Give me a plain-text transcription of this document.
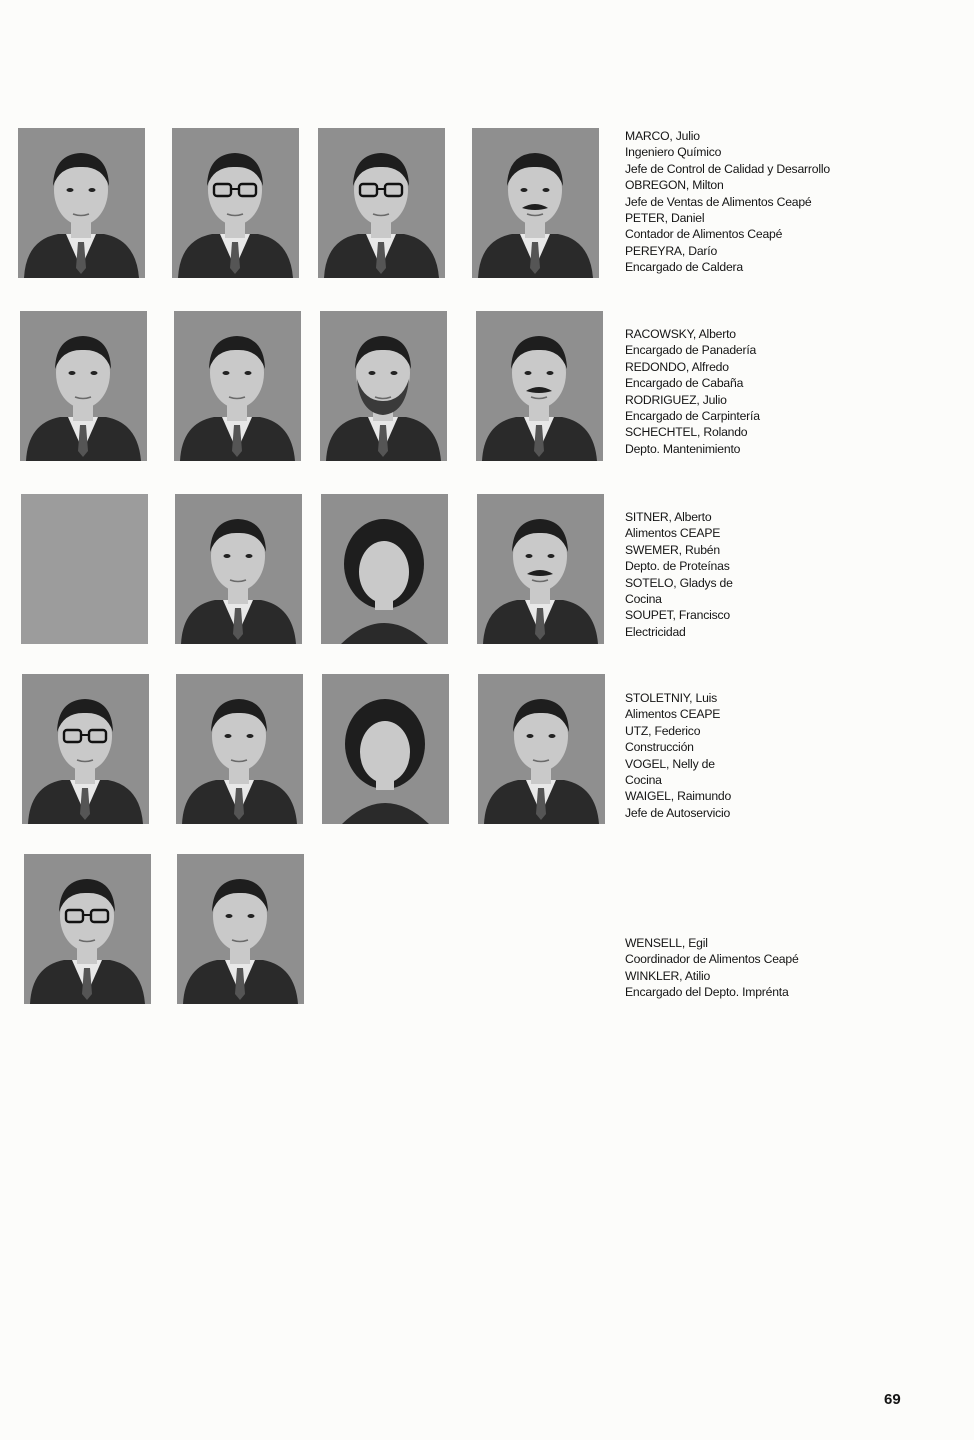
MARCO, Julio
Ingeniero Químico
Jefe de Control de Calidad y Desarrollo
OBREGON, Milton
Jefe de Ventas de Alimentos Ceapé
PETER, Daniel
Contador de Alimentos Ceapé
PEREYRA, Darío
Encargado de Caldera
RACOWSKY, Alberto
Encargado de Panadería
REDONDO, Alfredo
Encargado de Cabaña
RODRIGUEZ, Julio
Encargado de Carpintería
SCHECHTEL, Rolando
Depto. Mantenimiento
SITNER, Alberto
Alimentos CEAPE
SWEMER, Rubén
Depto. de Proteínas
SOTELO, Gladys de
Cocina
SOUPET, Francisco
Electricidad
STOLETNIY, Luis
Alimentos CEAPE
UTZ, Federico
Construcción
VOGEL, Nelly de
Cocina
WAIGEL, Raimundo
Jefe de Autoservicio
WENSELL, Egil
Coordinador de Alimentos Ceapé
WINKLER, Atilio
Encargado del Depto. Imprénta
69
